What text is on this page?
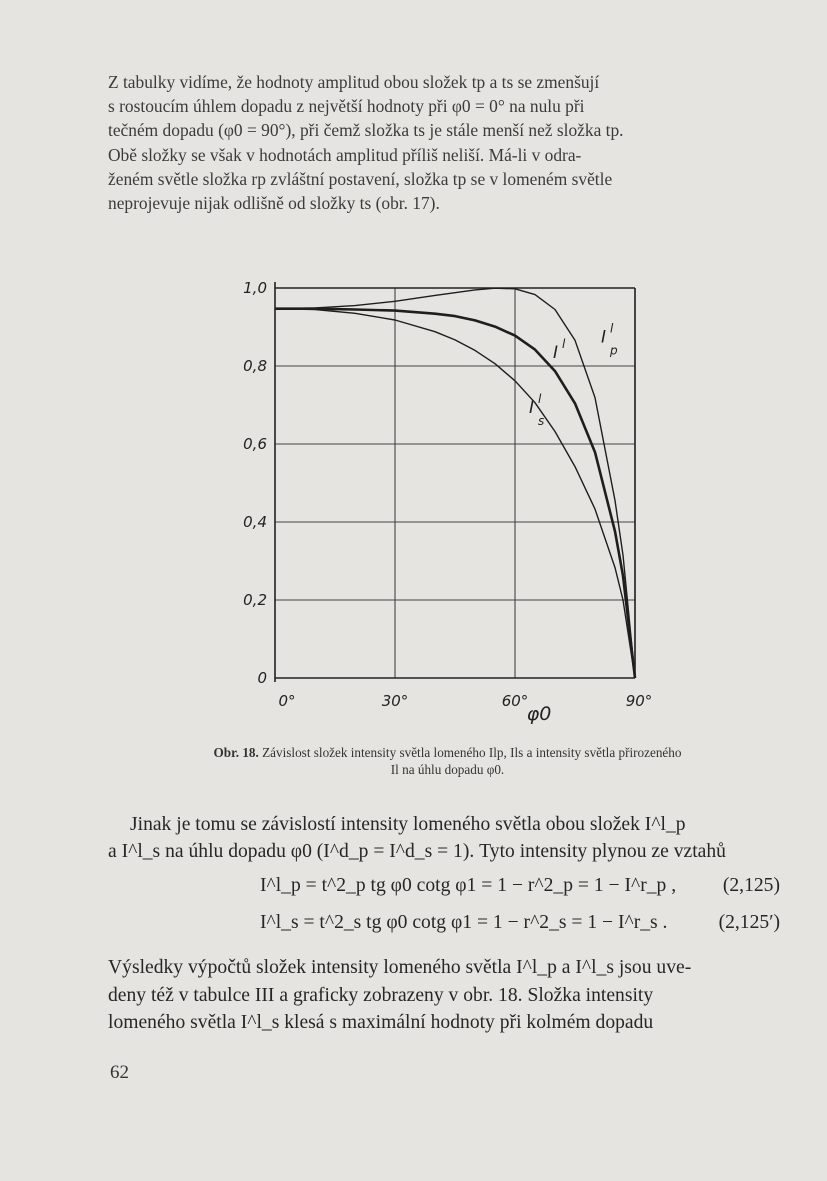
Z tabulky vidíme, že hodnoty amplitud obou složek tp a ts se zmenšují
s rostoucím úhlem dopadu z největší hodnoty při φ0 = 0° na nulu při
tečném dopadu (φ0 = 90°), při čemž složka ts je stále menší než složka tp.
Obě složky se však v hodnotách amplitud příliš neliší. Má-li v odra-
ženém světle složka rp zvláštní postavení, složka tp se v lomeném světle
neprojevuje nijak odlišně od složky ts (obr. 17).
0
0,2
0,4
0,6
0,8
1,0
0°	30°	60°	90°
φ0
I l
p
I l
I l
s
Obr. 18. Závislost složek intensity světla lomeného Ilp, Ils a intensity světla přirozeného
Il na úhlu dopadu φ0.
Jinak je tomu se závislostí intensity lomeného světla obou složek I^l_p
a I^l_s na úhlu dopadu φ0 (I^d_p = I^d_s = 1). Tyto intensity plynou ze vztahů
I^l_p = t^2_p tg φ0 cotg φ1 = 1 − r^2_p = 1 − I^r_p , (2,125)
I^l_s = t^2_s tg φ0 cotg φ1 = 1 − r^2_s = 1 − I^r_s .	(2,125′)
Výsledky výpočtů složek intensity lomeného světla I^l_p a I^l_s jsou uve-
deny též v tabulce III a graficky zobrazeny v obr. 18. Složka intensity
lomeného světla I^l_s klesá s maximální hodnoty při kolmém dopadu
62
